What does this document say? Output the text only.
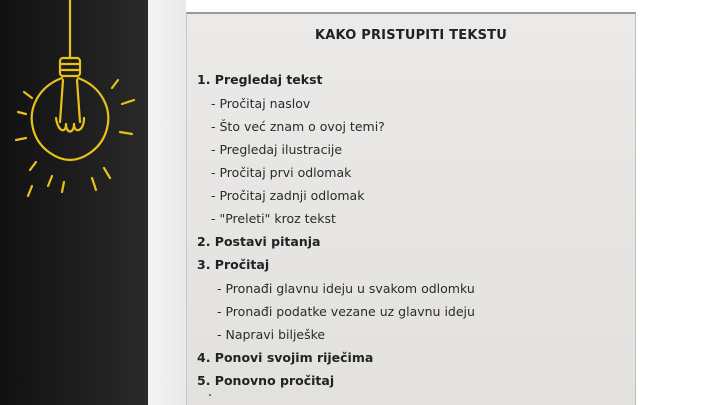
KAKO PRISTUPITI TEKSTU
1. Pregledaj tekst
- Pročitaj naslov
- Što već znam o ovoj temi?
- Pregledaj ilustracije
- Pročitaj prvi odlomak
- Pročitaj zadnji odlomak
- "Preleti" kroz tekst
2. Postavi pitanja
3. Pročitaj
- Pronađi glavnu ideju u svakom odlomku
- Pronađi podatke vezane uz glavnu ideju
- Napravi bilješke
4. Ponovi svojim riječima
5. Ponovno pročitaj
